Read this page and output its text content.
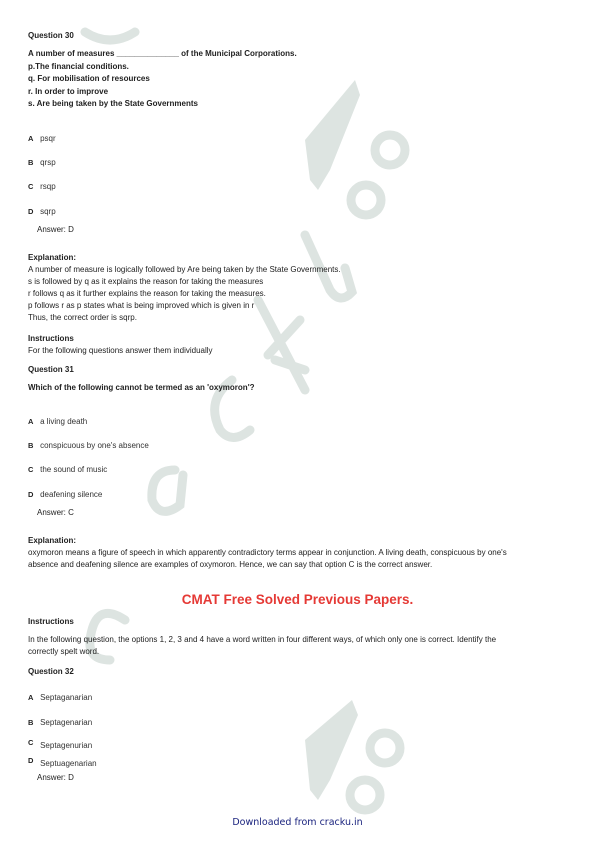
Question 30
A number of measures ______________ of the Municipal Corporations.
p.The financial conditions.
q. For mobilisation of resources
r. In order to improve
s. Are being taken by the State Governments
A psqr
B qrsp
C rsqp
D sqrp
Answer: D
Explanation:
A number of measure is logically followed by Are being taken by the State Governments.
s is followed by q as it explains the reason for taking the measures
r follows q as it further explains the reason for taking the measures.
p follows r as p states what is being improved which is given in r
Thus, the correct order is sqrp.
Instructions
For the following questions answer them individually
Question 31
Which of the following cannot be termed as an 'oxymoron'?
A a living death
B conspicuous by one's absence
C the sound of music
D deafening silence
Answer: C
Explanation:
oxymoron means a figure of speech in which apparently contradictory terms appear in conjunction. A living death, conspicuous by one's
absence and deafening silence are examples of oxymoron. Hence, we can say that option C is the correct answer.
CMAT Free Solved Previous Papers.
Instructions
In the following question, the options 1, 2, 3 and 4 have a word written in four different ways, of which only one is correct. Identify the
correctly spelt word.
Question 32
A Septaganarian
B Septagenarian
C Septagenurian
D Septuagenarian
Answer: D
Downloaded from cracku.in
